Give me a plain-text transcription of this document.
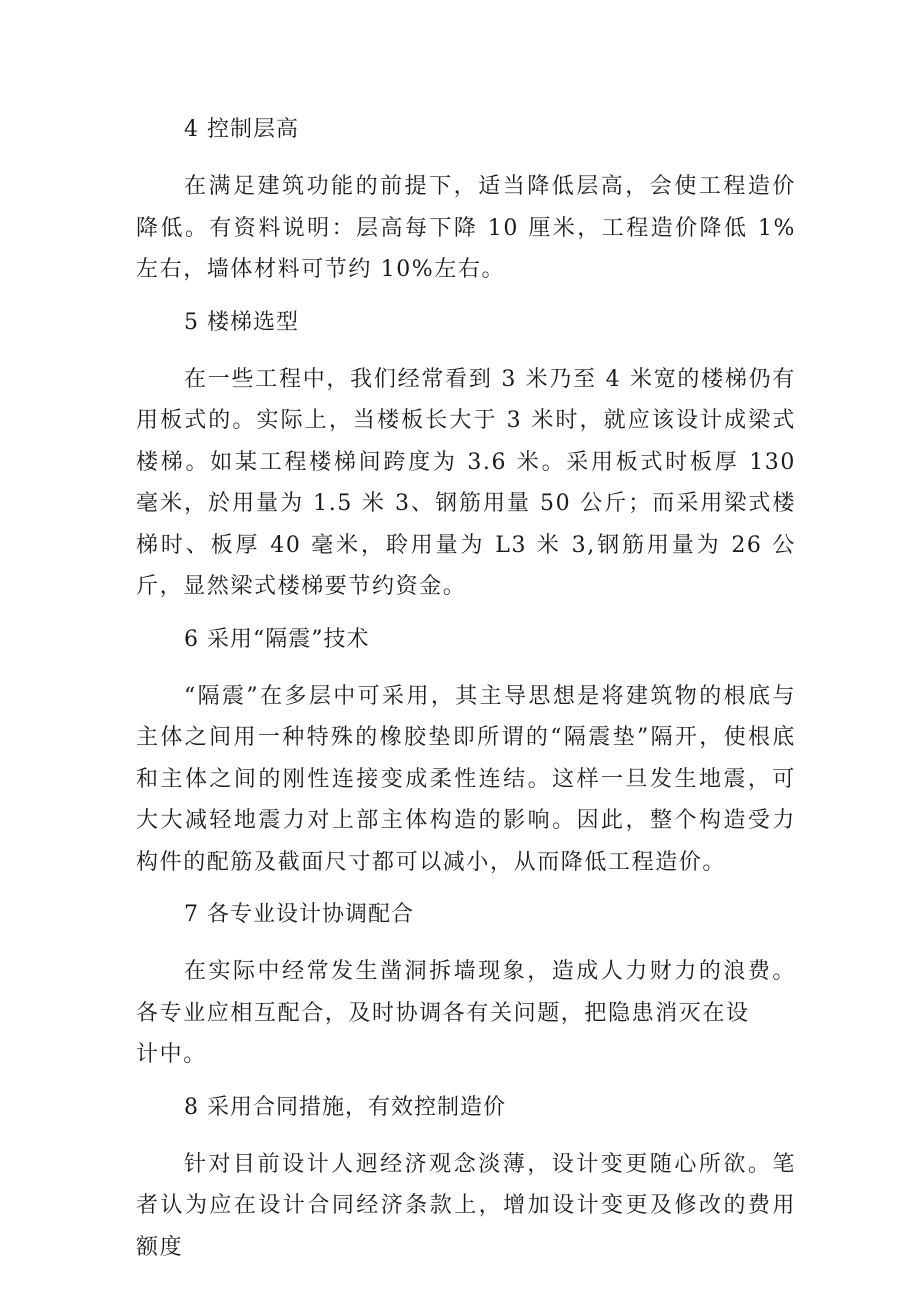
4 控制层高

在满足建筑功能的前提下，适当降低层高，会使工程造价降低。有资料说明：层高每下降 10 厘米，工程造价降低 1%左右，墙体材料可节约 10%左右。

5 楼梯选型

在一些工程中，我们经常看到 3 米乃至 4 米宽的楼梯仍有用板式的。实际上，当楼板长大于 3 米时，就应该设计成梁式楼梯。如某工程楼梯间跨度为 3.6 米。采用板式时板厚 130 毫米，於用量为 1.5 米 3、钢筋用量 50 公斤；而采用梁式楼梯时、板厚 40 毫米，聆用量为 L3 米 3,钢筋用量为 26 公斤，显然梁式楼梯要节约资金。

6 采用“隔震”技术

“隔震”在多层中可采用，其主导思想是将建筑物的根底与主体之间用一种特殊的橡胶垫即所谓的“隔震垫”隔开，使根底和主体之间的刚性连接变成柔性连结。这样一旦发生地震，可大大减轻地震力对上部主体构造的影响。因此，整个构造受力构件的配筋及截面尺寸都可以减小，从而降低工程造价。

7 各专业设计协调配合

在实际中经常发生凿洞拆墙现象，造成人力财力的浪费。各专业应相互配合，及时协调各有关问题，把隐患消灭在设

计中。

8 采用合同措施，有效控制造价

针对目前设计人迥经济观念淡薄，设计变更随心所欲。笔者认为应在设计合同经济条款上，增加设计变更及修改的费用额度
